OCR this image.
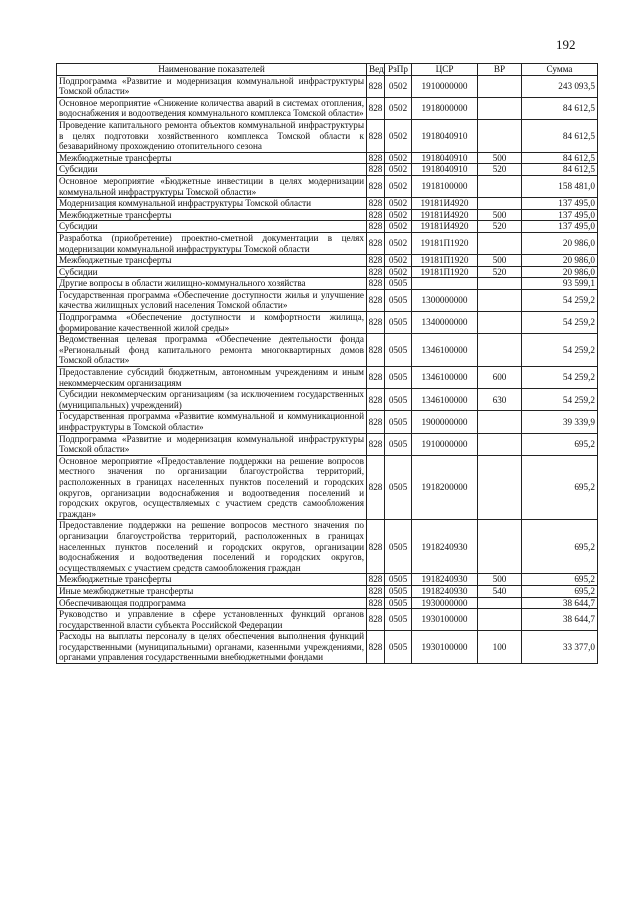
192
Наименование показателей	Вед	РзПр	ЦСР	ВР	Сумма
Подпрограмма «Развитие и модернизация коммунальной инфраструктуры Томской области»	828	0502	1910000000		243 093,5
Основное мероприятие «Снижение количества аварий в системах отопления, водоснабжения и водоотведения коммунального комплекса Томской области»	828	0502	1918000000		84 612,5
Проведение капитального ремонта объектов коммунальной инфраструктуры в целях подготовки хозяйственного комплекса Томской области к безаварийному прохождению отопительного сезона	828	0502	1918040910		84 612,5
Межбюджетные трансферты	828	0502	1918040910	500	84 612,5
Субсидии	828	0502	1918040910	520	84 612,5
Основное мероприятие «Бюджетные инвестиции в целях модернизации коммунальной инфраструктуры Томской области»	828	0502	1918100000		158 481,0
Модернизация коммунальной инфраструктуры Томской области	828	0502	19181И4920		137 495,0
Межбюджетные трансферты	828	0502	19181И4920	500	137 495,0
Субсидии	828	0502	19181И4920	520	137 495,0
Разработка (приобретение) проектно-сметной документации в целях модернизации коммунальной инфраструктуры Томской области	828	0502	19181П1920		20 986,0
Межбюджетные трансферты	828	0502	19181П1920	500	20 986,0
Субсидии	828	0502	19181П1920	520	20 986,0
Другие вопросы в области жилищно-коммунального хозяйства	828	0505			93 599,1
Государственная программа «Обеспечение доступности жилья и улучшение качества жилищных условий населения Томской области»	828	0505	1300000000		54 259,2
Подпрограмма «Обеспечение доступности и комфортности жилища, формирование качественной жилой среды»	828	0505	1340000000		54 259,2
Ведомственная целевая программа «Обеспечение деятельности фонда «Региональный фонд капитального ремонта многоквартирных домов Томской области»	828	0505	1346100000		54 259,2
Предоставление субсидий бюджетным, автономным учреждениям и иным некоммерческим организациям	828	0505	1346100000	600	54 259,2
Субсидии некоммерческим организациям (за исключением государственных (муниципальных) учреждений)	828	0505	1346100000	630	54 259,2
Государственная программа «Развитие коммунальной и коммуникационной инфраструктуры в Томской области»	828	0505	1900000000		39 339,9
Подпрограмма «Развитие и модернизация коммунальной инфраструктуры Томской области»	828	0505	1910000000		695,2
Основное мероприятие «Предоставление поддержки на решение вопросов местного значения по организации благоустройства территорий, расположенных в границах населенных пунктов поселений и городских округов, организации водоснабжения и водоотведения поселений и городских округов, осуществляемых с участием средств самообложения граждан»	828	0505	1918200000		695,2
Предоставление поддержки на решение вопросов местного значения по организации благоустройства территорий, расположенных в границах населенных пунктов поселений и городских округов, организации водоснабжения и водоотведения поселений и городских округов, осуществляемых с участием средств самообложения граждан	828	0505	1918240930		695,2
Межбюджетные трансферты	828	0505	1918240930	500	695,2
Иные межбюджетные трансферты	828	0505	1918240930	540	695,2
Обеспечивающая подпрограмма	828	0505	1930000000		38 644,7
Руководство и управление в сфере установленных функций органов государственной власти субъекта Российской Федерации	828	0505	1930100000		38 644,7
Расходы на выплаты персоналу в целях обеспечения выполнения функций государственными (муниципальными) органами, казенными учреждениями, органами управления государственными внебюджетными фондами	828	0505	1930100000	100	33 377,0
